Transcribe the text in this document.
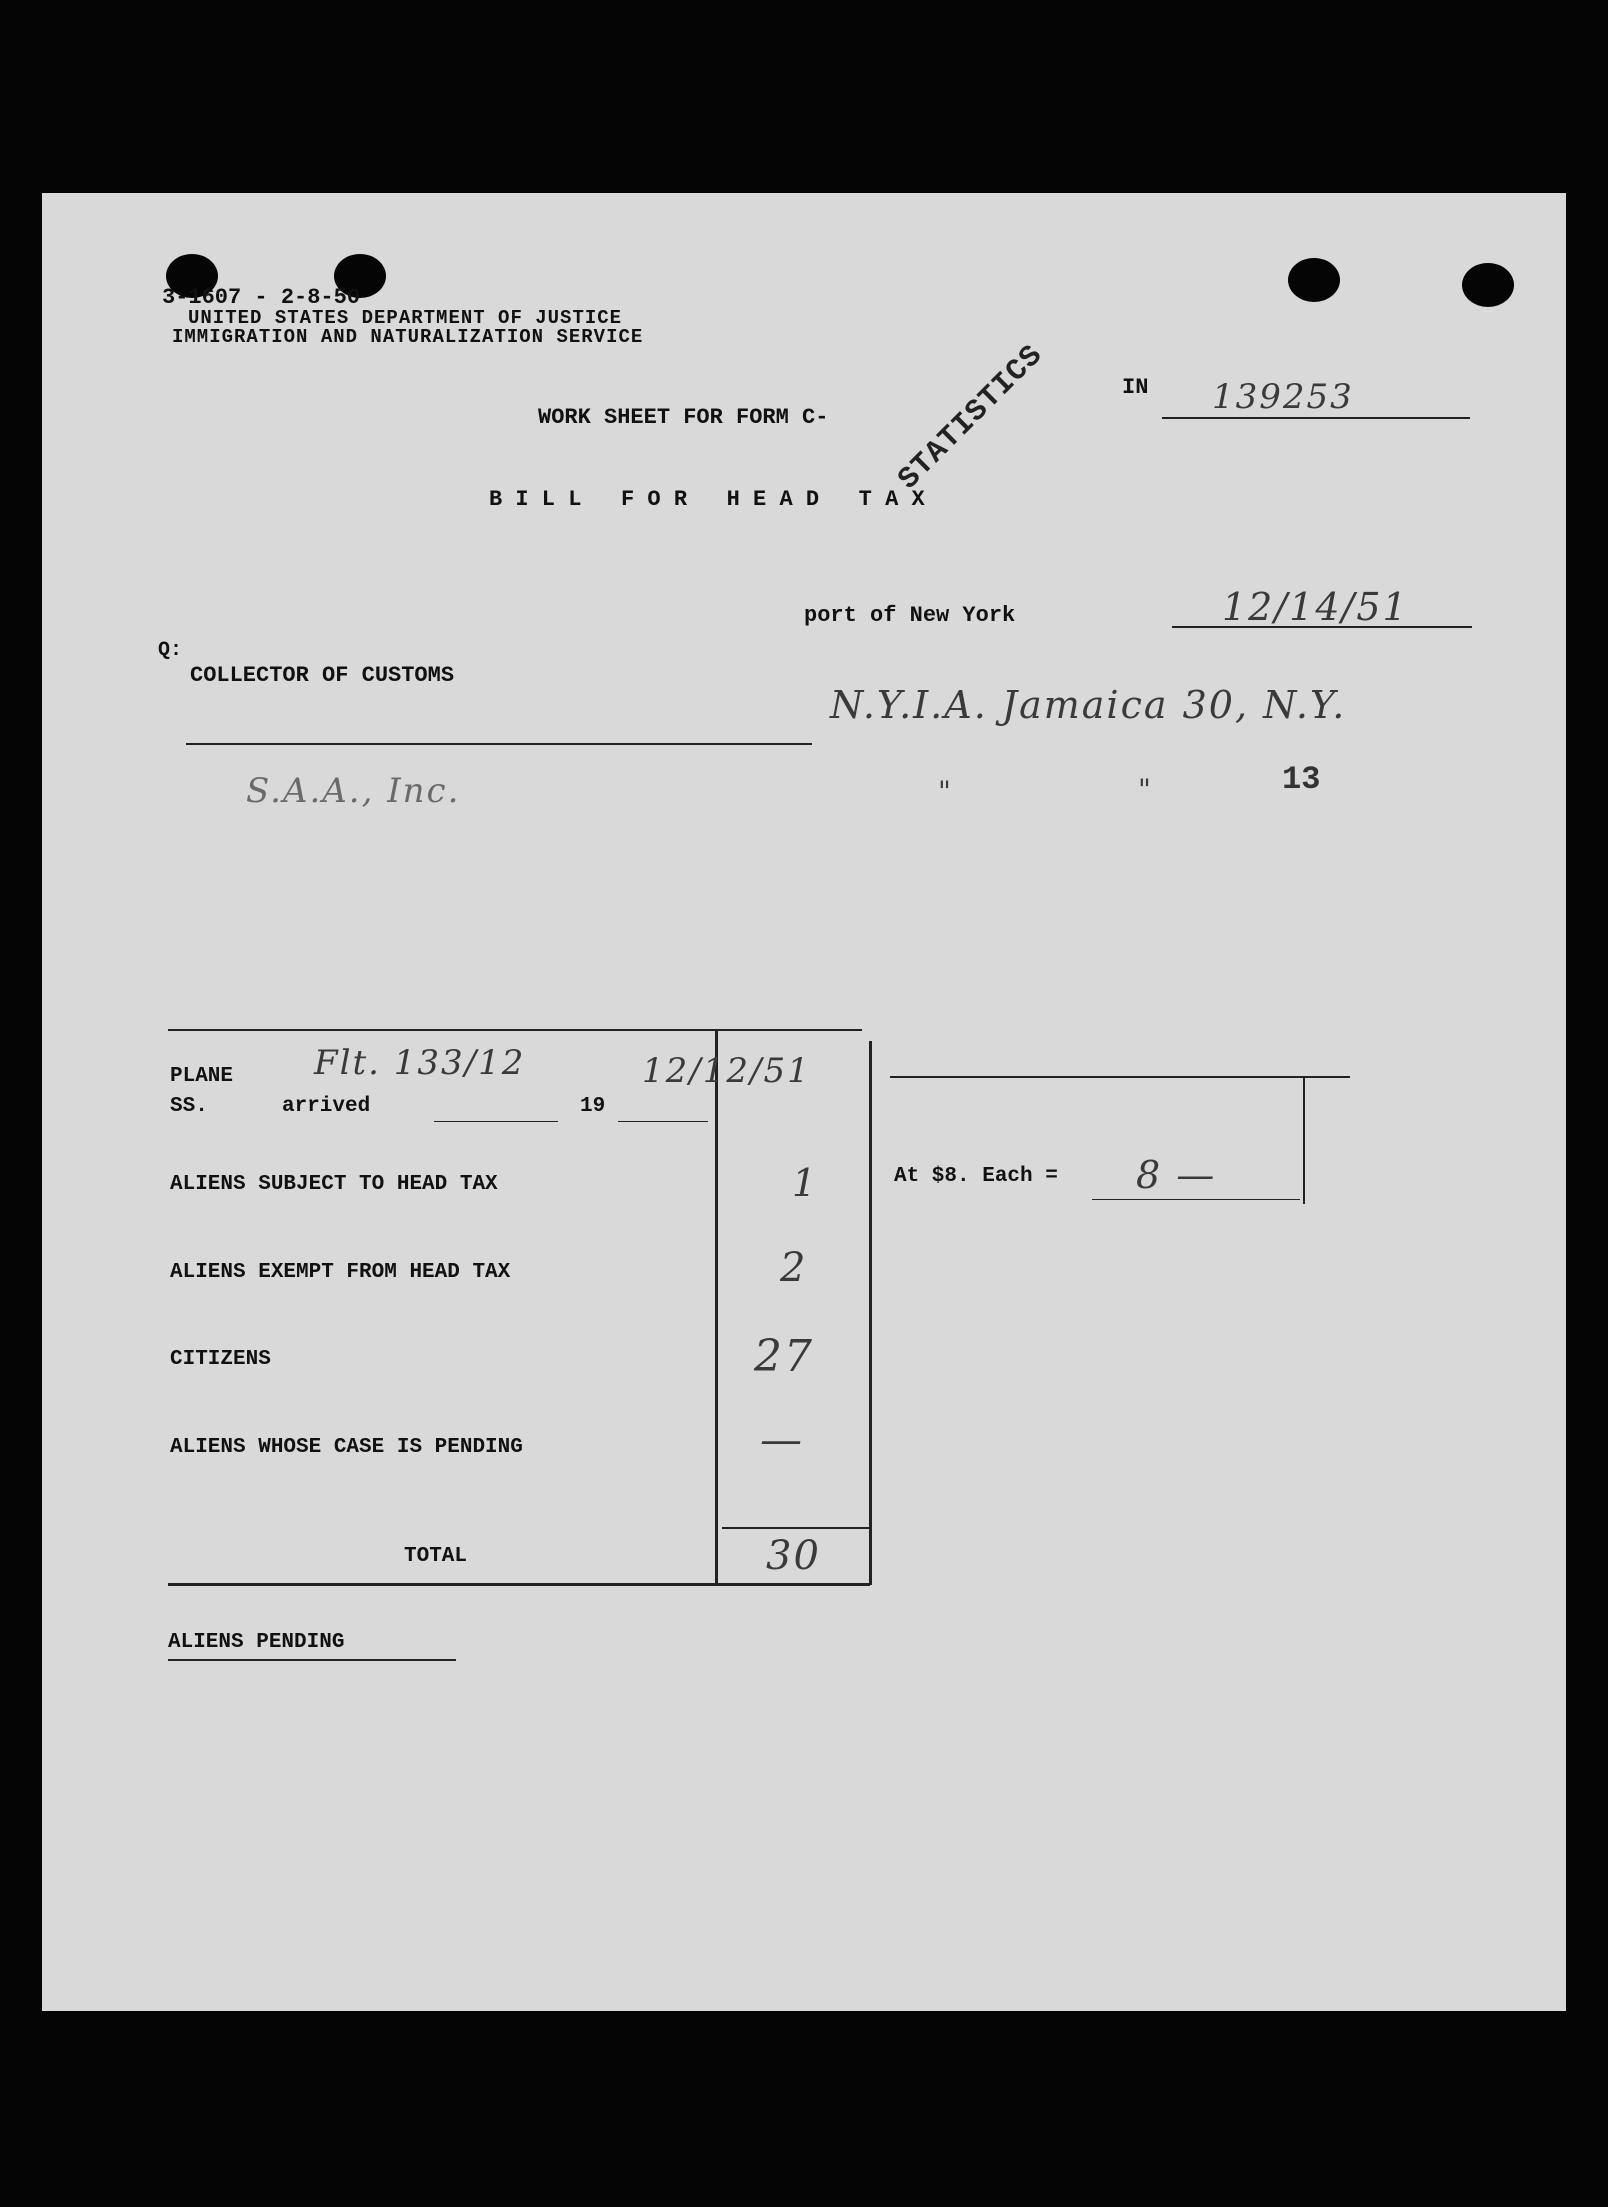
3-1607 - 2-8-50
UNITED STATES DEPARTMENT OF JUSTICE
IMMIGRATION AND NATURALIZATION SERVICE
STATISTICS	IN 139253
WORK SHEET FOR FORM C-
B I L L   F O R   H E A D   T A X
port of New York	12/14/51
Q:
COLLECTOR OF CUSTOMS
N.Y.I.A. Jamaica 30, N.Y.
S.A.A., Inc.	"	"	13
PLANE
SS.	arrived	19
Flt. 133/12	12/12/51
ALIENS SUBJECT TO HEAD TAX	1
ALIENS EXEMPT FROM HEAD TAX	2
CITIZENS	27
ALIENS WHOSE CASE IS PENDING	—
TOTAL	30
At $8. Each = 8 —
ALIENS PENDING
